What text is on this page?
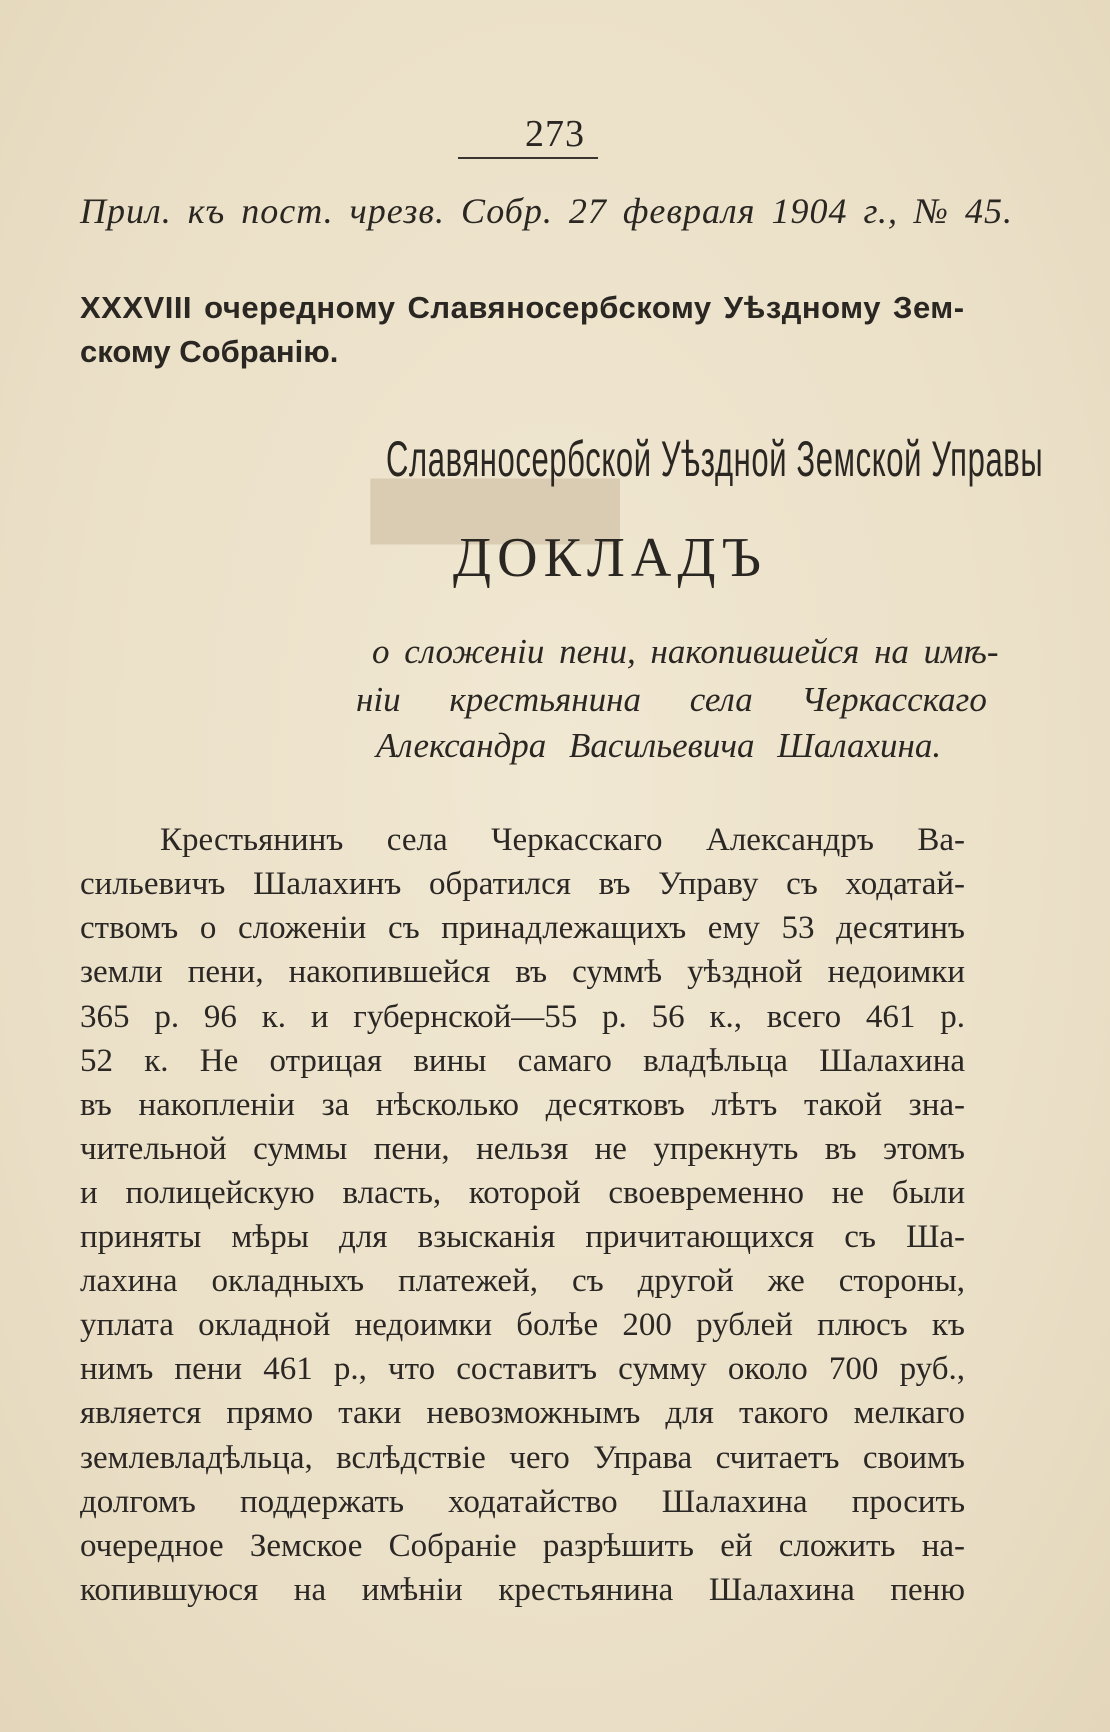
▇▇▇▇▇
273
Прил. къ пост. чрезв. Собр. 27 февраля 1904 г., № 45.
XXXVIII очередному Славяносербскому Уѣздному Зем-
скому Собранію.
Славяносербской Уѣздной Земской Управы
ДОКЛАДЪ
о сложеніи пени, накопившейся на имѣ-
ніи крестьянина села Черкасскаго
Александра Васильевича Шалахина.
Крестьянинъ села Черкасскаго Александръ Ва-
сильевичъ Шалахинъ обратился въ Управу съ ходатай-
ствомъ о сложеніи съ принадлежащихъ ему 53 десятинъ
земли пени, накопившейся въ суммѣ уѣздной недоимки
365 р. 96 к. и губернской—55 р. 56 к., всего 461 р.
52 к. Не отрицая вины самаго владѣльца Шалахина
въ накопленіи за нѣсколько десятковъ лѣтъ такой зна-
чительной суммы пени, нельзя не упрекнуть въ этомъ
и полицейскую власть, которой своевременно не были
приняты мѣры для взысканія причитающихся съ Ша-
лахина окладныхъ платежей, съ другой же стороны,
уплата окладной недоимки болѣе 200 рублей плюсъ къ
нимъ пени 461 р., что составитъ сумму около 700 руб.,
является прямо таки невозможнымъ для такого мелкаго
землевладѣльца, вслѣдствіе чего Управа считаетъ своимъ
долгомъ поддержать ходатайство Шалахина просить
очередное Земское Собраніе разрѣшить ей сложить на-
копившуюся на имѣніи крестьянина Шалахина пеню
